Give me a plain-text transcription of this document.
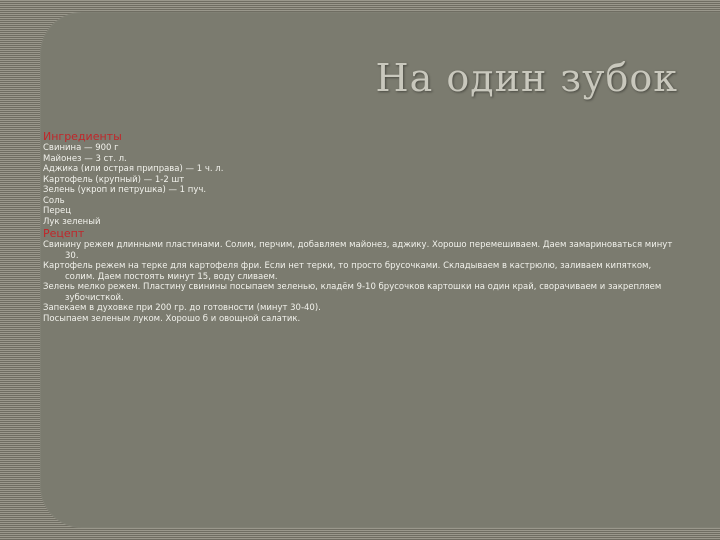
На один зубок
Ингредиенты
Свинина — 900 г
Майонез — 3 ст. л.
Аджика (или острая приправа) — 1 ч. л.
Картофель (крупный) — 1-2 шт
Зелень (укроп и петрушка) — 1 пуч.
Соль
Перец
Лук зеленый
Рецепт
Свинину режем длинными пластинами. Солим, перчим, добавляем майонез, аджику. Хорошо перемешиваем. Даем замариноваться минут 30.
Картофель режем на терке для картофеля фри. Если нет терки, то просто брусочками. Складываем в кастрюлю, заливаем кипятком, солим. Даем постоять минут 15, воду сливаем.
Зелень мелко режем. Пластину свинины посыпаем зеленью, кладём 9-10 брусочков картошки на один край, сворачиваем и закрепляем зубочисткой.
Запекаем в духовке при 200 гр. до готовности (минут 30-40).
Посыпаем зеленым луком. Хорошо б и овощной салатик.
